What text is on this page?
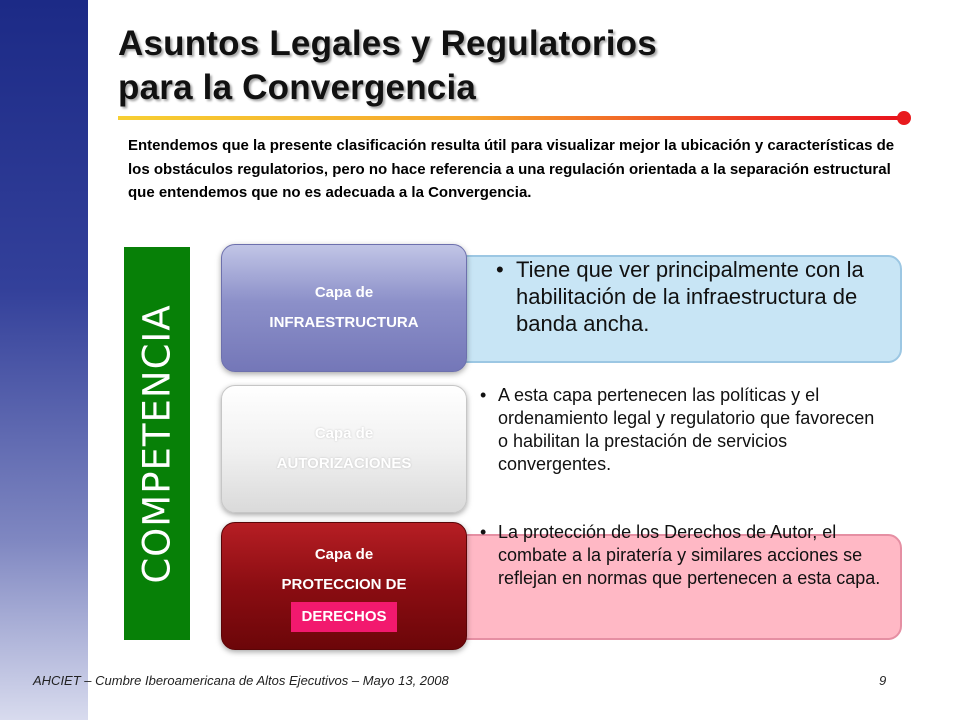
Asuntos Legales y Regulatorios
para la Convergencia

Entendemos que la presente clasificación resulta útil para visualizar mejor la ubicación y características de los obstáculos regulatorios, pero no hace referencia a una regulación orientada a la separación estructural que entendemos que no es adecuada a la Convergencia.

COMPETENCIA
• Tiene que ver principalmente con la habilitación de la infraestructura de banda ancha.
• A esta capa pertenecen las políticas y el ordenamiento legal y regulatorio que favorecen o habilitan la prestación de servicios convergentes.
• La protección de los Derechos de Autor, el combate a la piratería y similares acciones se reflejan en normas que pertenecen a esta capa.
Capa de
INFRAESTRUCTURA
Capa de
AUTORIZACIONES
Capa de
PROTECCION DE
DERECHOS
AHCIET – Cumbre Iberoamericana de Altos Ejecutivos – Mayo 13, 2008	9
